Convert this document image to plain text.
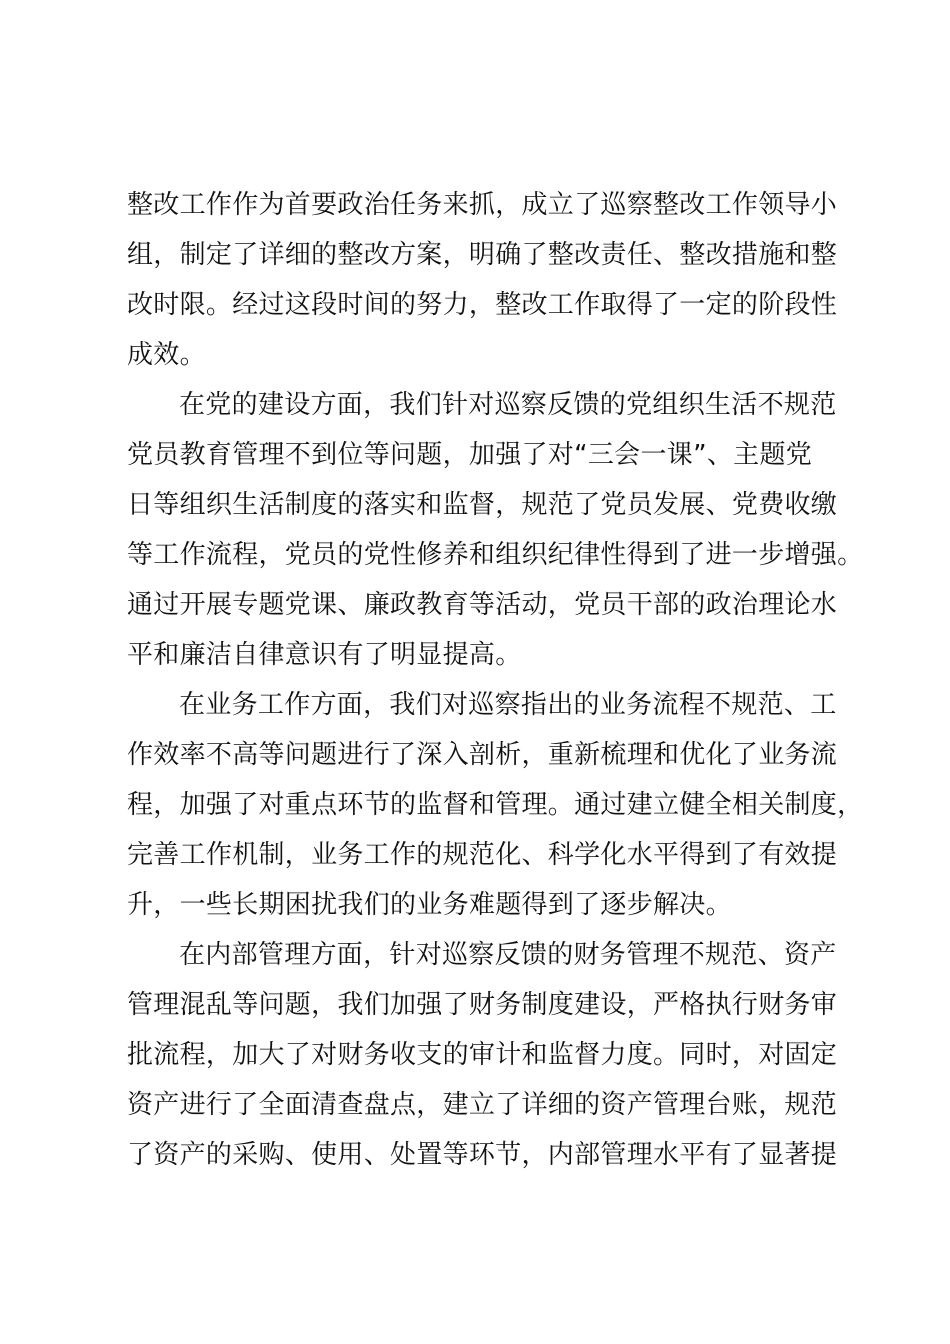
整改工作作为首要政治任务来抓，成立了巡察整改工作领导小
组，制定了详细的整改方案，明确了整改责任、整改措施和整
改时限。经过这段时间的努力，整改工作取得了一定的阶段性
成效。
在党的建设方面，我们针对巡察反馈的党组织生活不规范
党员教育管理不到位等问题，加强了对“三会一课”、主题党
日等组织生活制度的落实和监督，规范了党员发展、党费收缴
等工作流程，党员的党性修养和组织纪律性得到了进一步增强。
通过开展专题党课、廉政教育等活动，党员干部的政治理论水
平和廉洁自律意识有了明显提高。
在业务工作方面，我们对巡察指出的业务流程不规范、工
作效率不高等问题进行了深入剖析，重新梳理和优化了业务流
程，加强了对重点环节的监督和管理。通过建立健全相关制度，
完善工作机制，业务工作的规范化、科学化水平得到了有效提
升，一些长期困扰我们的业务难题得到了逐步解决。
在内部管理方面，针对巡察反馈的财务管理不规范、资产
管理混乱等问题，我们加强了财务制度建设，严格执行财务审
批流程，加大了对财务收支的审计和监督力度。同时，对固定
资产进行了全面清查盘点，建立了详细的资产管理台账，规范
了资产的采购、使用、处置等环节，内部管理水平有了显著提
